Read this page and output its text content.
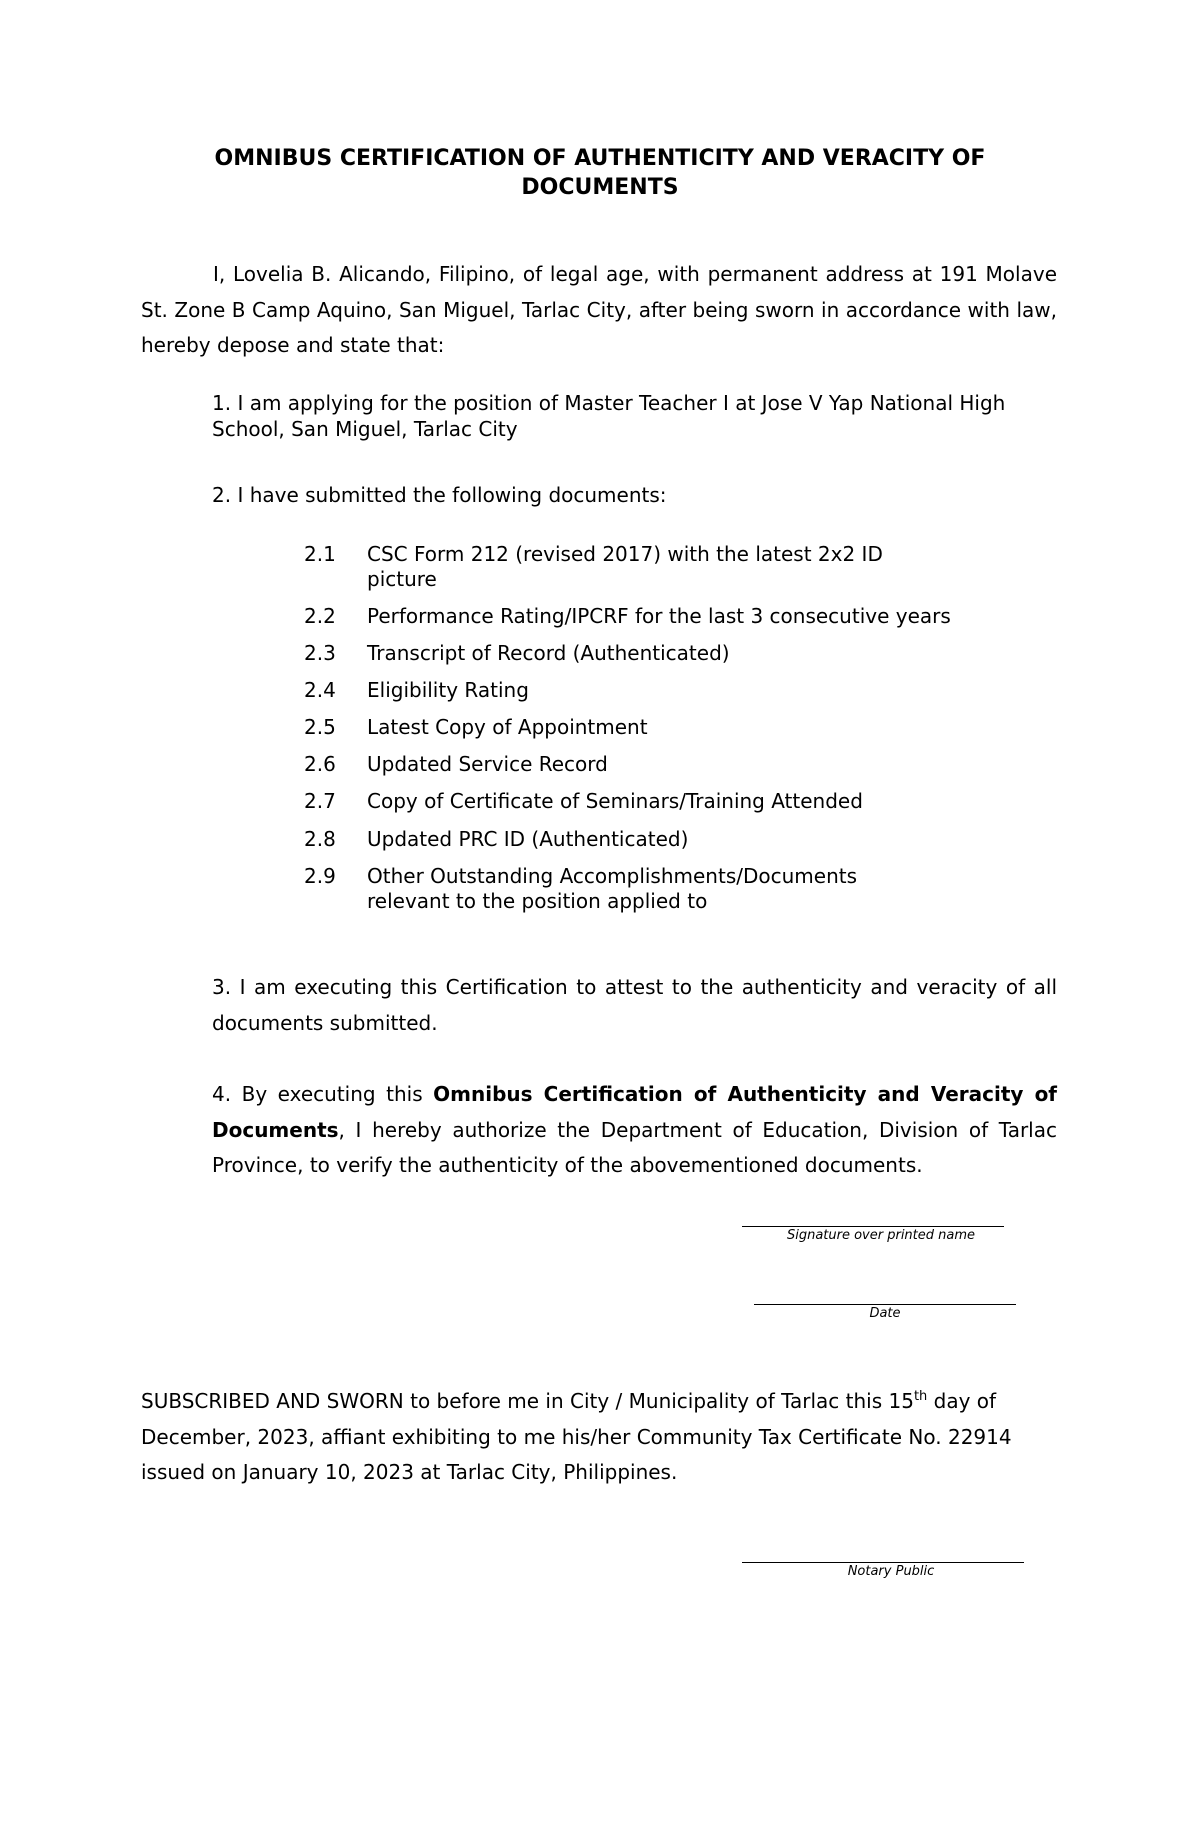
OMNIBUS CERTIFICATION OF AUTHENTICITY AND VERACITY OF DOCUMENTS
I, Lovelia B. Alicando, Filipino, of legal age, with permanent address at 191 Molave St. Zone B Camp Aquino, San Miguel, Tarlac City, after being sworn in accordance with law, hereby depose and state that:
1. I am applying for the position of Master Teacher I at Jose V Yap National High School, San Miguel, Tarlac City
2. I have submitted the following documents:
2.1	CSC Form 212 (revised 2017) with the latest 2x2 ID picture
2.2	Performance Rating/IPCRF for the last 3 consecutive years
2.3	Transcript of Record (Authenticated)
2.4	Eligibility Rating
2.5	Latest Copy of Appointment
2.6	Updated Service Record
2.7	Copy of Certificate of Seminars/Training Attended
2.8	Updated PRC ID (Authenticated)
2.9	Other Outstanding Accomplishments/Documents relevant to the position applied to
3. I am executing this Certification to attest to the authenticity and veracity of all documents submitted.
4. By executing this Omnibus Certification of Authenticity and Veracity of Documents, I hereby authorize the Department of Education, Division of Tarlac Province, to verify the authenticity of the abovementioned documents.
Signature over printed name
Date
SUBSCRIBED AND SWORN to before me in City / Municipality of Tarlac this 15th day of December, 2023, affiant exhibiting to me his/her Community Tax Certificate No. 22914 issued on January 10, 2023 at Tarlac City, Philippines.
Notary Public
